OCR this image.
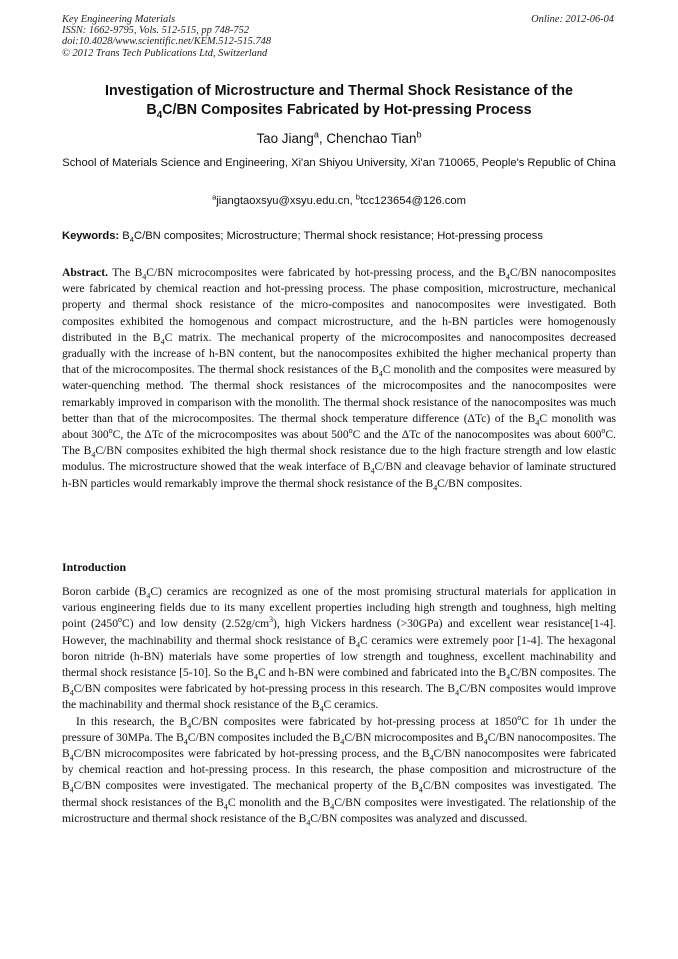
Key Engineering Materials
ISSN: 1662-9795, Vols. 512-515, pp 748-752
doi:10.4028/www.scientific.net/KEM.512-515.748
© 2012 Trans Tech Publications Ltd, Switzerland
Online: 2012-06-04
Investigation of Microstructure and Thermal Shock Resistance of the
$B_4C/BN$ Composites Fabricated by Hot-pressing Process
Tao Jiang$^a$, Chenchao Tian$^b$
School of Materials Science and Engineering, Xi'an Shiyou University, Xi'an 710065, People's Republic of China
$^a$jiangtaoxsyu@xsyu.edu.cn, $^b$tcc123654@126.com
Keywords: $B_4C/BN$ composites; Microstructure; Thermal shock resistance; Hot-pressing process
Abstract. The $B_4C/BN$ microcomposites were fabricated by hot-pressing process, and the $B_4C/BN$ nanocomposites were fabricated by chemical reaction and hot-pressing process. The phase composition, microstructure, mechanical property and thermal shock resistance of the micro-composites and nanocomposites were investigated. Both composites exhibited the homogenous and compact microstructure, and the h-BN particles were homogenously distributed in the $B_4C$ matrix. The mechanical property of the microcomposites and nanocomposites decreased gradually with the increase of h-BN content, but the nanocomposites exhibited the higher mechanical property than that of the microcomposites. The thermal shock resistances of the $B_4C$ monolith and the composites were measured by water-quenching method. The thermal shock resistances of the microcomposites and the nanocomposites were remarkably improved in comparison with the monolith. The thermal shock resistance of the nanocomposites was much better than that of the microcomposites. The thermal shock temperature difference (ΔTc) of the $B_4C$ monolith was about 300$^o$C, the ΔTc of the microcomposites was about 500$^o$C and the ΔTc of the nanocomposites was about 600$^o$C. The $B_4C/BN$ composites exhibited the high thermal shock resistance due to the high fracture strength and low elastic modulus. The microstructure showed that the weak interface of $B_4C/BN$ and cleavage behavior of laminate structured h-BN particles would remarkably improve the thermal shock resistance of the $B_4C/BN$ composites.
Introduction

Boron carbide $(B_4C)$ ceramics are recognized as one of the most promising structural materials for application in various engineering fields due to its many excellent properties including high strength and toughness, high melting point (2450$^o$C) and low density $(2.52g/cm^3)$, high Vickers hardness (>30GPa) and excellent wear resistance[1-4]. However, the machinability and thermal shock resistance of $B_4C$ ceramics were extremely poor [1-4]. The hexagonal boron nitride (h-BN) materials have some properties of low strength and toughness, excellent machinability and thermal shock resistance [5-10]. So the $B_4C$ and h-BN were combined and fabricated into the $B_4C/BN$ composites. The $B_4C/BN$ composites were fabricated by hot-pressing process in this research. The $B_4C/BN$ composites would improve the machinability and thermal shock resistance of the $B_4C$ ceramics.

In this research, the $B_4C/BN$ composites were fabricated by hot-pressing process at 1850$^o$C for 1h under the pressure of 30MPa. The $B_4C/BN$ composites included the $B_4C/BN$ microcomposites and $B_4C/BN$ nanocomposites. The $B_4C/BN$ microcomposites were fabricated by hot-pressing process, and the $B_4C/BN$ nanocomposites were fabricated by chemical reaction and hot-pressing process. In this research, the phase composition and microstructure of the $B_4C/BN$ composites were investigated. The mechanical property of the $B_4C/BN$ composites was investigated. The thermal shock resistances of the $B_4C$ monolith and the $B_4C/BN$ composites were investigated. The relationship of the microstructure and thermal shock resistance of the $B_4C/BN$ composites was analyzed and discussed.
